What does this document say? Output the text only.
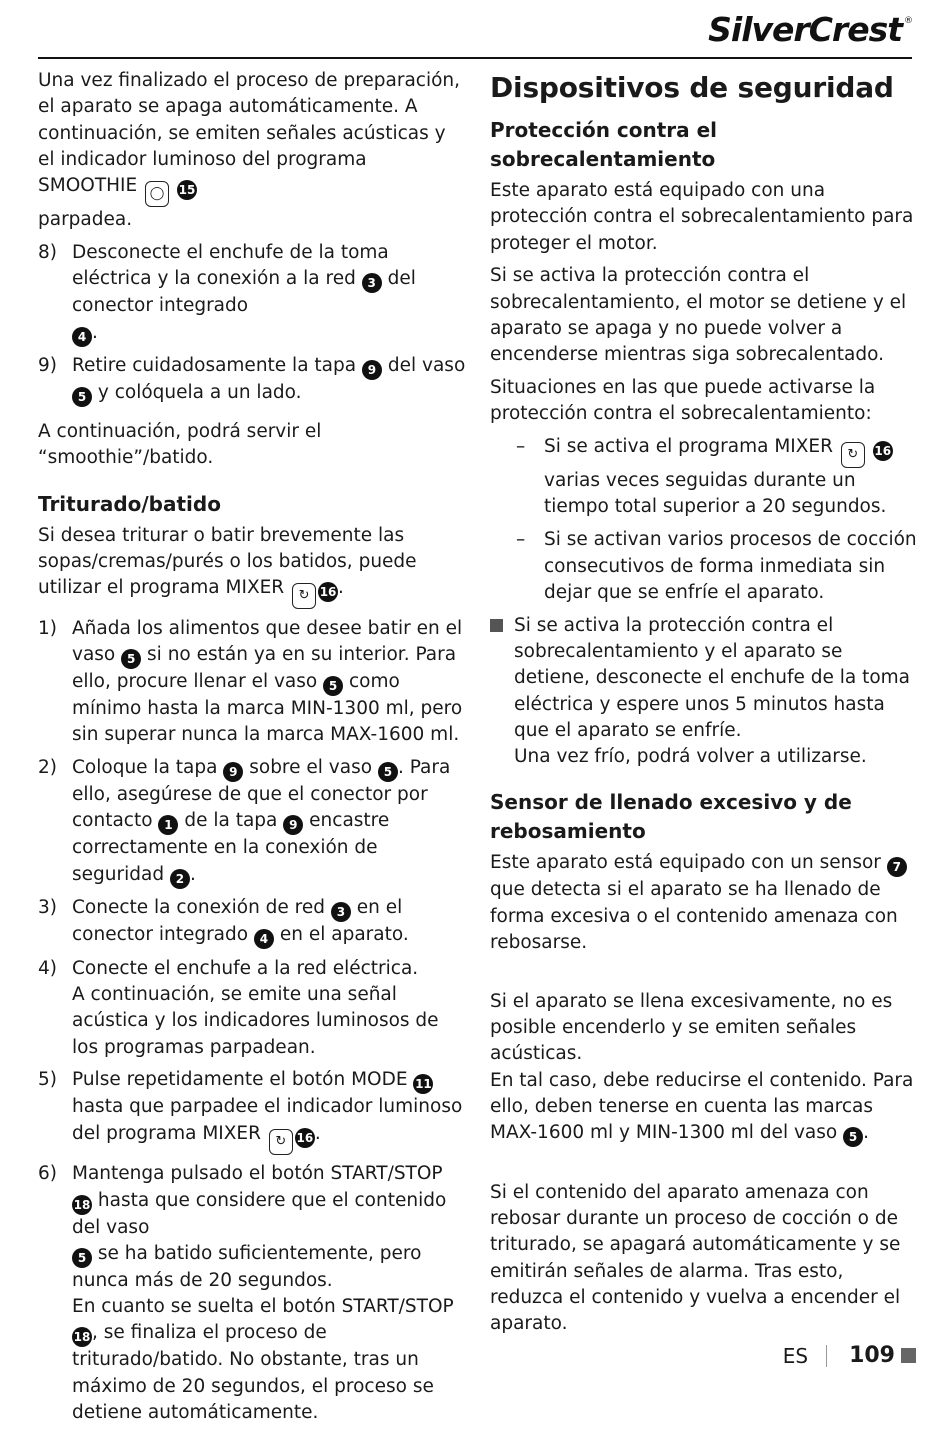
SilverCrest ®

Una vez finalizado el proceso de preparación, el aparato se apaga automáticamente. A continuación, se emiten señales acústicas y el indicador luminoso del programa SMOOTHIE ◯ 15
parpadea.

8) Desconecte el enchufe de la toma eléctrica y la conexión a la red 3 del conector integrado
4 .
9) Retire cuidadosamente la tapa 9 del vaso 5 y colóquela a un lado.

A continuación, podrá servir el “smoothie”/batido.

Triturado/batido

Si desea triturar o batir brevemente las sopas/cremas/purés o los batidos, puede utilizar el programa MIXER ↻ 16.

1) Añada los alimentos que desee batir en el vaso 5 si no están ya en su interior. Para ello, procure llenar el vaso 5 como mínimo hasta la marca MIN-1300 ml, pero sin superar nunca la marca MAX-1600 ml.
2) Coloque la tapa 9 sobre el vaso 5 . Para ello, asegúrese de que el conector por contacto 1 de la tapa 9 encastre correctamente en la conexión de seguridad 2 .
3) Conecte la conexión de red 3 en el conector integrado 4 en el aparato.
4) Conecte el enchufe a la red eléctrica.
A continuación, se emite una señal acústica y los indicadores luminosos de los programas parpadean.
5) Pulse repetidamente el botón MODE 11 hasta que parpadee el indicador luminoso del programa MIXER ↻ 16.
6) Mantenga pulsado el botón START/STOP 18 hasta que considere que el contenido del vaso
5 se ha batido suficientemente, pero nunca más de 20 segundos.
En cuanto se suelta el botón START/STOP 18, se finaliza el proceso de triturado/batido. No obstante, tras un máximo de 20 segundos, el proceso se detiene automáticamente.
Dispositivos de seguridad
Protección contra el sobrecalentamiento

Este aparato está equipado con una protección contra el sobrecalentamiento para proteger el motor.

Si se activa la protección contra el sobrecalentamiento, el motor se detiene y el aparato se apaga y no puede volver a encenderse mientras siga sobrecalentado.

Situaciones en las que puede activarse la protección contra el sobrecalentamiento:

–	Si se activa el programa MIXER ↻ 16 varias veces seguidas durante un tiempo total superior a 20 segundos.
–	Si se activan varios procesos de cocción consecutivos de forma inmediata sin dejar que se enfríe el aparato.
Si se activa la protección contra el sobrecalentamiento y el aparato se detiene, desconecte el enchufe de la toma eléctrica y espere unos 5 minutos hasta que el aparato se enfríe.
Una vez frío, podrá volver a utilizarse.
Sensor de llenado excesivo y de rebosamiento

Este aparato está equipado con un sensor 7 que detecta si el aparato se ha llenado de forma excesiva o el contenido amenaza con rebosarse.

Si el aparato se llena excesivamente, no es posible encenderlo y se emiten señales acústicas.
En tal caso, debe reducirse el contenido. Para ello, deben tenerse en cuenta las marcas MAX-1600 ml y MIN-1300 ml del vaso 5 .

Si el contenido del aparato amenaza con rebosar durante un proceso de cocción o de triturado, se apagará automáticamente y se emitirán señales de alarma. Tras esto, reduzca el contenido y vuelva a encender el aparato.

ES 109
